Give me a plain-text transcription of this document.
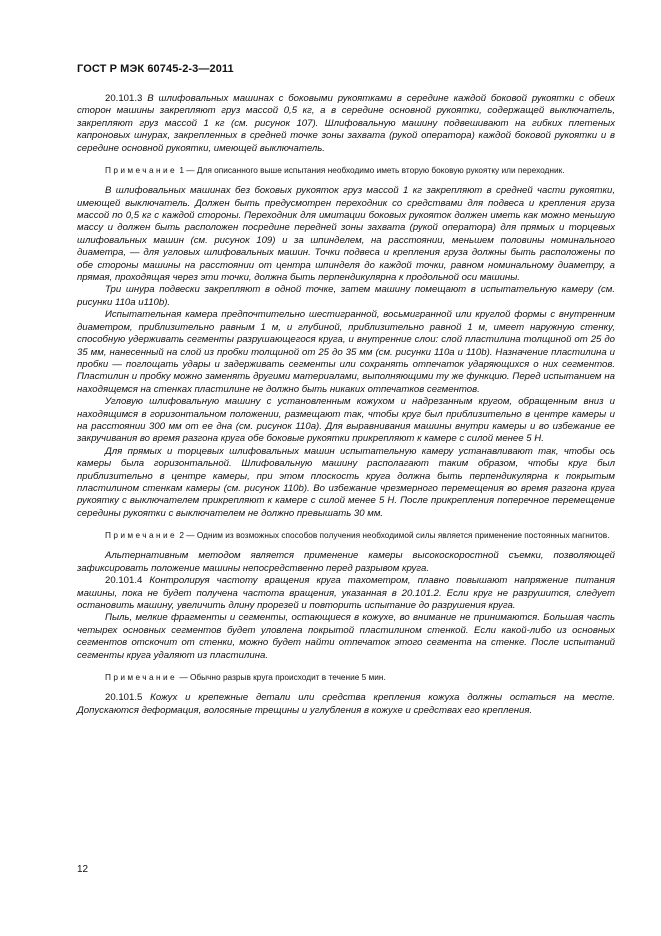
ГОСТ Р МЭК 60745-2-3—2011

20.101.3 В шлифовальных машинах с боковыми рукоятками в середине каждой боковой рукоятки с обеих сторон машины закрепляют груз массой 0,5 кг, а в середине основной рукоятки, содержащей выключатель, закрепляют груз массой 1 кг (см. рисунок 107). Шлифовальную машину подвешивают на гибких плетеных капроновых шнурах, закрепленных в средней точке зоны захвата (рукой оператора) каждой боковой рукоятки и в середине основной рукоятки, имеющей выключатель.

Примечание 1 — Для описанного выше испытания необходимо иметь вторую боковую рукоятку или переходник.

В шлифовальных машинах без боковых рукояток груз массой 1 кг закрепляют в средней части рукоятки, имеющей выключатель. Должен быть предусмотрен переходник со средствами для подвеса и крепления груза массой по 0,5 кг с каждой стороны. Переходник для имитации боковых рукояток должен иметь как можно меньшую массу и должен быть расположен посредине передней зоны захвата (рукой оператора) для прямых и торцевых шлифовальных машин (см. рисунок 109) и за шпинделем, на расстоянии, меньшем половины номинального диаметра, — для угловых шлифовальных машин. Точки подвеса и крепления груза должны быть расположены по обе стороны машины на расстоянии от центра шпинделя до каждой точки, равном номинальному диаметру, а прямая, проходящая через эти точки, должна быть перпендикулярна к продольной оси машины.

Три шнура подвески закрепляют в одной точке, затем машину помещают в испытательную камеру (см. рисунки 110a и110b).

Испытательная камера предпочтительно шестигранной, восьмигранной или круглой формы с внутренним диаметром, приблизительно равным 1 м, и глубиной, приблизительно равной 1 м, имеет наружную стенку, способную удерживать сегменты разрушающегося круга, и внутренние слои: слой пластилина толщиной от 25 до 35 мм, нанесенный на слой из пробки толщиной от 25 до 35 мм (см. рисунки 110a и 110b). Назначение пластилина и пробки — поглощать удары и задерживать сегменты или сохранять отпечаток ударяющихся о них сегментов. Пластилин и пробку можно заменять другими материалами, выполняющими ту же функцию. Перед испытанием на находящемся на стенках пластилине не должно быть никаких отпечатков сегментов.

Угловую шлифовальную машину с установленным кожухом и надрезанным кругом, обращенным вниз и находящимся в горизонтальном положении, размещают так, чтобы круг был приблизительно в центре камеры и на расстоянии 300 мм от ее дна (см. рисунок 110a). Для выравнивания машины внутри камеры и во избежание ее закручивания во время разгона круга обе боковые рукоятки прикрепляют к камере с силой менее 5 Н.

Для прямых и торцевых шлифовальных машин испытательную камеру устанавливают так, чтобы ось камеры была горизонтальной. Шлифовальную машину располагают таким образом, чтобы круг был приблизительно в центре камеры, при этом плоскость круга должна быть перпендикулярна к покрытым пластилином стенкам камеры (см. рисунок 110b). Во избежание чрезмерного перемещения во время разгона круга рукоятку с выключателем прикрепляют к камере с силой менее 5 Н. После прикрепления поперечное перемещение середины рукоятки с выключателем не должно превышать 30 мм.

Примечание 2 — Одним из возможных способов получения необходимой силы является применение постоянных магнитов.

Альтернативным методом является применение камеры высокоскоростной съемки, позволяющей зафиксировать положение машины непосредственно перед разрывом круга.

20.101.4 Контролируя частоту вращения круга тахометром, плавно повышают напряжение питания машины, пока не будет получена частота вращения, указанная в 20.101.2. Если круг не разрушится, следует остановить машину, увеличить длину прорезей и повторить испытание до разрушения круга.

Пыль, мелкие фрагменты и сегменты, остающиеся в кожухе, во внимание не принимаются. Большая часть четырех основных сегментов будет уловлена покрытой пластилином стенкой. Если какой-либо из основных сегментов отскочит от стенки, можно будет найти отпечаток этого сегмента на стенке. После испытаний сегменты круга удаляют из пластилина.

Примечание — Обычно разрыв круга происходит в течение 5 мин.

20.101.5 Кожух и крепежные детали или средства крепления кожуха должны остаться на месте. Допускаются деформация, волосяные трещины и углубления в кожухе и средствах его крепления.

12
